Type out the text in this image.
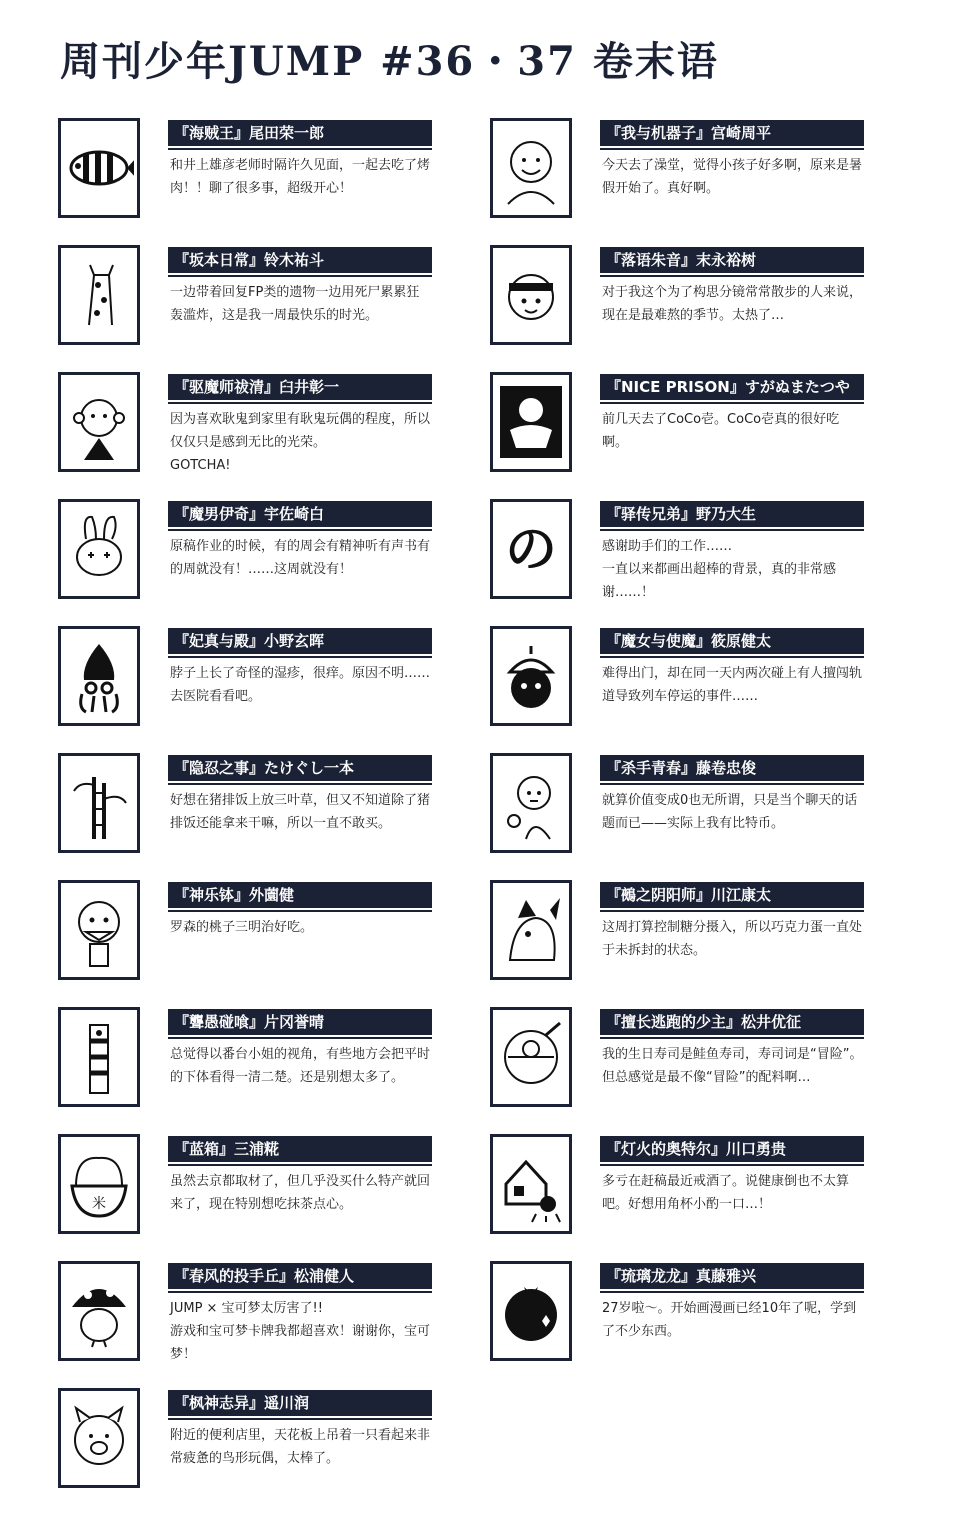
周刊少年JUMP #36・37 卷末语
『海贼王』尾田荣一郎
和井上雄彦老师时隔许久见面，一起去吃了烤肉！！聊了很多事，超级开心！
『我与机器子』宫崎周平
今天去了澡堂，觉得小孩子好多啊，原来是暑假开始了。真好啊。
『坂本日常』铃木祐斗
一边带着回复FP类的遗物一边用死尸累累狂轰滥炸，这是我一周最快乐的时光。
『落语朱音』末永裕树
对于我这个为了构思分镜常常散步的人来说，现在是最难熬的季节。太热了…
『驱魔师祓清』臼井彰一
因为喜欢耿鬼到家里有耿鬼玩偶的程度，所以仅仅只是感到无比的光荣。
GOTCHA!
『NICE PRISON』すがぬまたつや
前几天去了CoCo壱。CoCo壱真的很好吃啊。
『魔男伊奇』宇佐崎白
原稿作业的时候，有的周会有精神听有声书有的周就没有！……这周就没有！	の
『驿传兄弟』野乃大生
感谢助手们的工作……
一直以来都画出超棒的背景，真的非常感谢……！
『妃真与殿』小野玄晖
脖子上长了奇怪的湿疹，很痒。原因不明……去医院看看吧。
『魔女与使魔』筱原健太
难得出门，却在同一天内两次碰上有人擅闯轨道导致列车停运的事件……
『隐忍之事』たけぐし一本
好想在猪排饭上放三叶草，但又不知道除了猪排饭还能拿来干嘛，所以一直不敢买。
『杀手青春』藤卷忠俊
就算价值变成0也无所谓，只是当个聊天的话题而已——实际上我有比特币。
『神乐钵』外薗健
罗森的桃子三明治好吃。
『鵺之阴阳师』川江康太
这周打算控制糖分摄入，所以巧克力蛋一直处于未拆封的状态。
『聾愚碰喰』片冈誉晴
总觉得以番台小姐的视角，有些地方会把平时的下体看得一清二楚。还是别想太多了。
『擅长逃跑的少主』松井优征
我的生日寿司是鲑鱼寿司，寿司词是“冒险”。但总感觉是最不像“冒险”的配料啊…
米
『蓝箱』三浦糀
虽然去京都取材了，但几乎没买什么特产就回来了，现在特别想吃抹茶点心。
『灯火的奥特尔』川口勇贵
多亏在赶稿最近戒酒了。说健康倒也不太算吧。好想用角杯小酌一口…！
『春风的投手丘』松浦健人
JUMP × 宝可梦太厉害了!!
游戏和宝可梦卡牌我都超喜欢！谢谢你，宝可梦！
『琉璃龙龙』真藤雅兴
27岁啦～。开始画漫画已经10年了呢，学到了不少东西。
『枫神志异』遥川润
附近的便利店里，天花板上吊着一只看起来非常疲惫的鸟形玩偶，太棒了。
